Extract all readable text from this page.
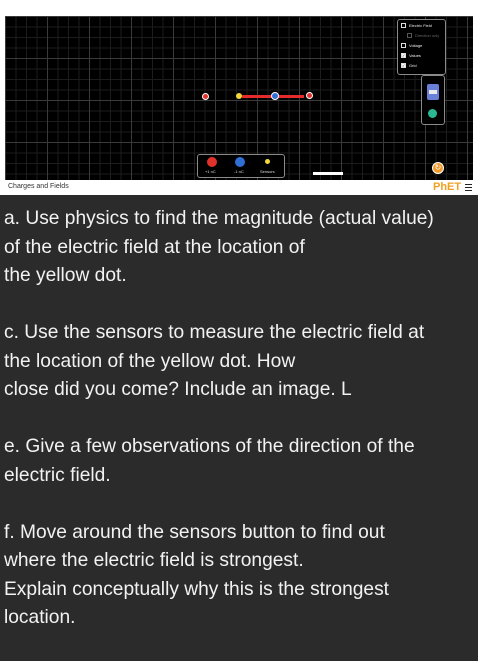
Electric Field
Direction only
Voltage
✓ Values
✓ Grid
+1 nC	-1 nC	Sensors	↻
Charges and Fields	PhET

a. Use physics to find the magnitude (actual value)
of the electric field at the location of
the yellow dot.

c. Use the sensors to measure the electric field at
the location of the yellow dot. How
close did you come? Include an image. L

e. Give a few observations of the direction of the
electric field.

f. Move around the sensors button to find out
where the electric field is strongest.
Explain conceptually why this is the strongest
location.
